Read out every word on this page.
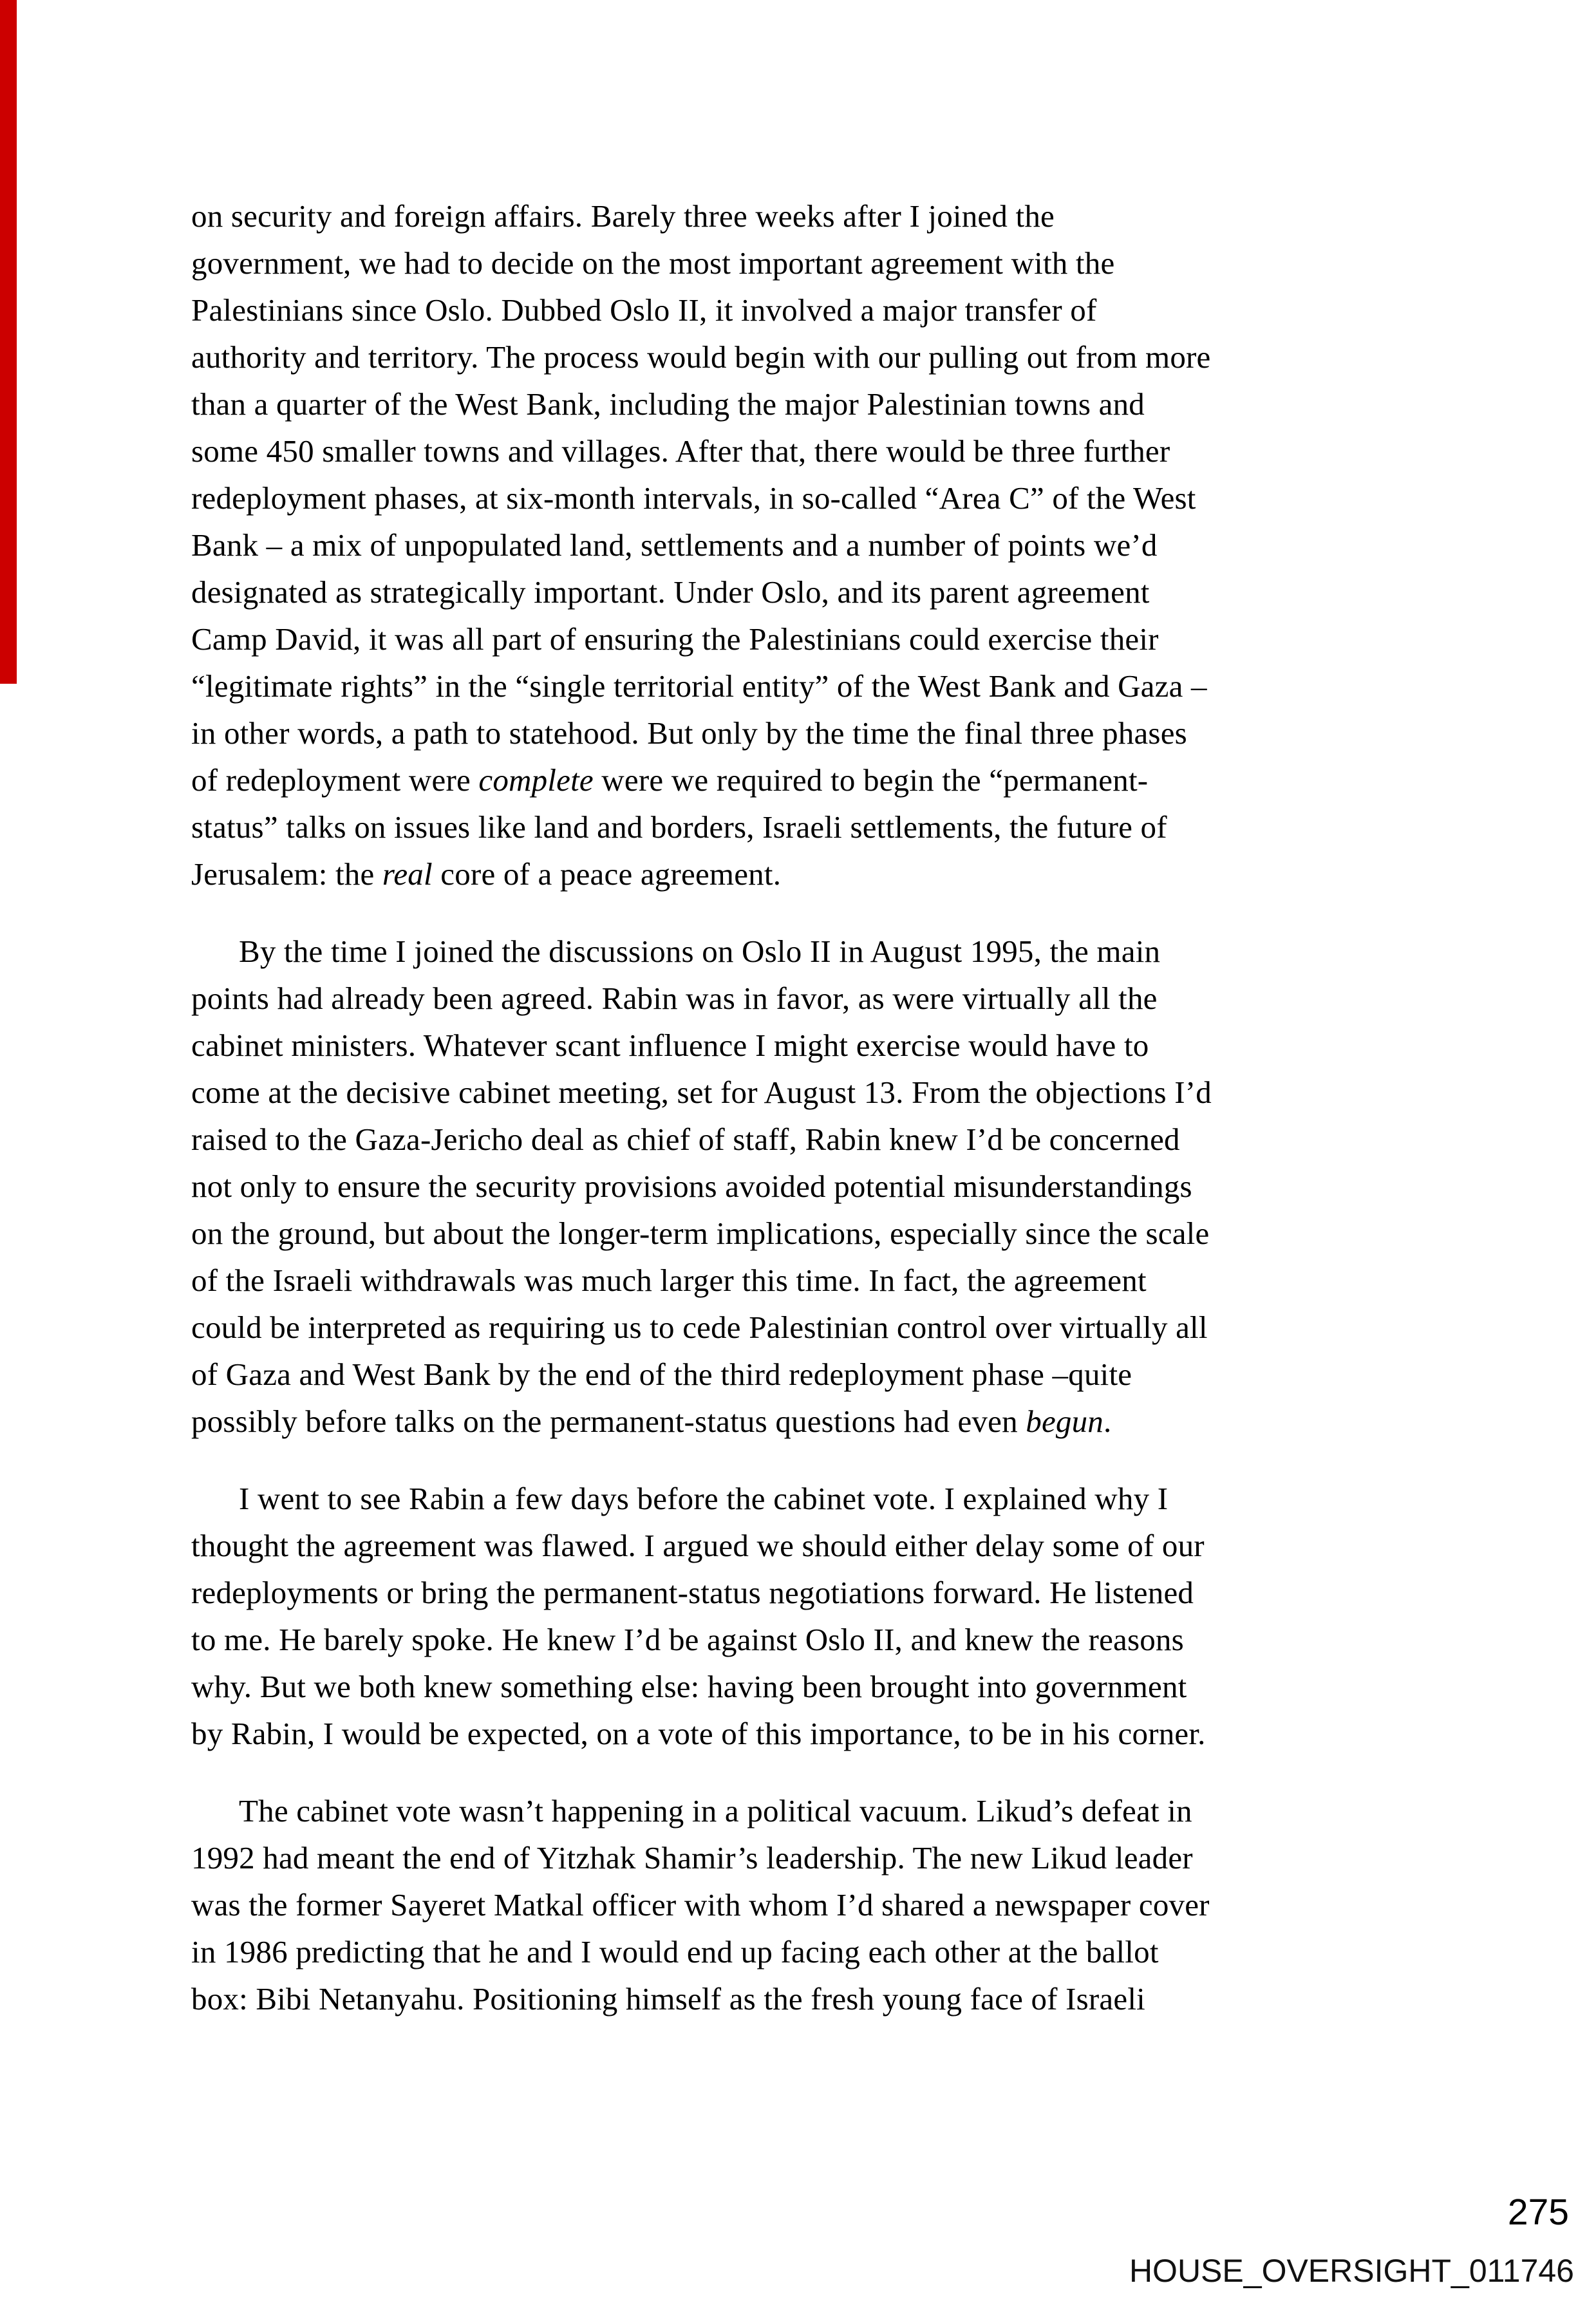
on security and foreign affairs. Barely three weeks after I joined the
government, we had to decide on the most important agreement with the
Palestinians since Oslo. Dubbed Oslo II, it involved a major transfer of
authority and territory. The process would begin with our pulling out from more
than a quarter of the West Bank, including the major Palestinian towns and
some 450 smaller towns and villages. After that, there would be three further
redeployment phases, at six-month intervals, in so-called “Area C” of the West
Bank – a mix of unpopulated land, settlements and a number of points we’d
designated as strategically important. Under Oslo, and its parent agreement
Camp David, it was all part of ensuring the Palestinians could exercise their
“legitimate rights” in the “single territorial entity” of the West Bank and Gaza –
in other words, a path to statehood. But only by the time the final three phases
of redeployment were complete were we required to begin the “permanent-
status” talks on issues like land and borders, Israeli settlements, the future of
Jerusalem: the real core of a peace agreement.
By the time I joined the discussions on Oslo II in August 1995, the main
points had already been agreed. Rabin was in favor, as were virtually all the
cabinet ministers. Whatever scant influence I might exercise would have to
come at the decisive cabinet meeting, set for August 13. From the objections I’d
raised to the Gaza-Jericho deal as chief of staff, Rabin knew I’d be concerned
not only to ensure the security provisions avoided potential misunderstandings
on the ground, but about the longer-term implications, especially since the scale
of the Israeli withdrawals was much larger this time. In fact, the agreement
could be interpreted as requiring us to cede Palestinian control over virtually all
of Gaza and West Bank by the end of the third redeployment phase –quite
possibly before talks on the permanent-status questions had even begun.
I went to see Rabin a few days before the cabinet vote. I explained why I
thought the agreement was flawed. I argued we should either delay some of our
redeployments or bring the permanent-status negotiations forward. He listened
to me. He barely spoke. He knew I’d be against Oslo II, and knew the reasons
why. But we both knew something else: having been brought into government
by Rabin, I would be expected, on a vote of this importance, to be in his corner.
The cabinet vote wasn’t happening in a political vacuum. Likud’s defeat in
1992 had meant the end of Yitzhak Shamir’s leadership. The new Likud leader
was the former Sayeret Matkal officer with whom I’d shared a newspaper cover
in 1986 predicting that he and I would end up facing each other at the ballot
box: Bibi Netanyahu. Positioning himself as the fresh young face of Israeli
275
HOUSE_OVERSIGHT_011746
